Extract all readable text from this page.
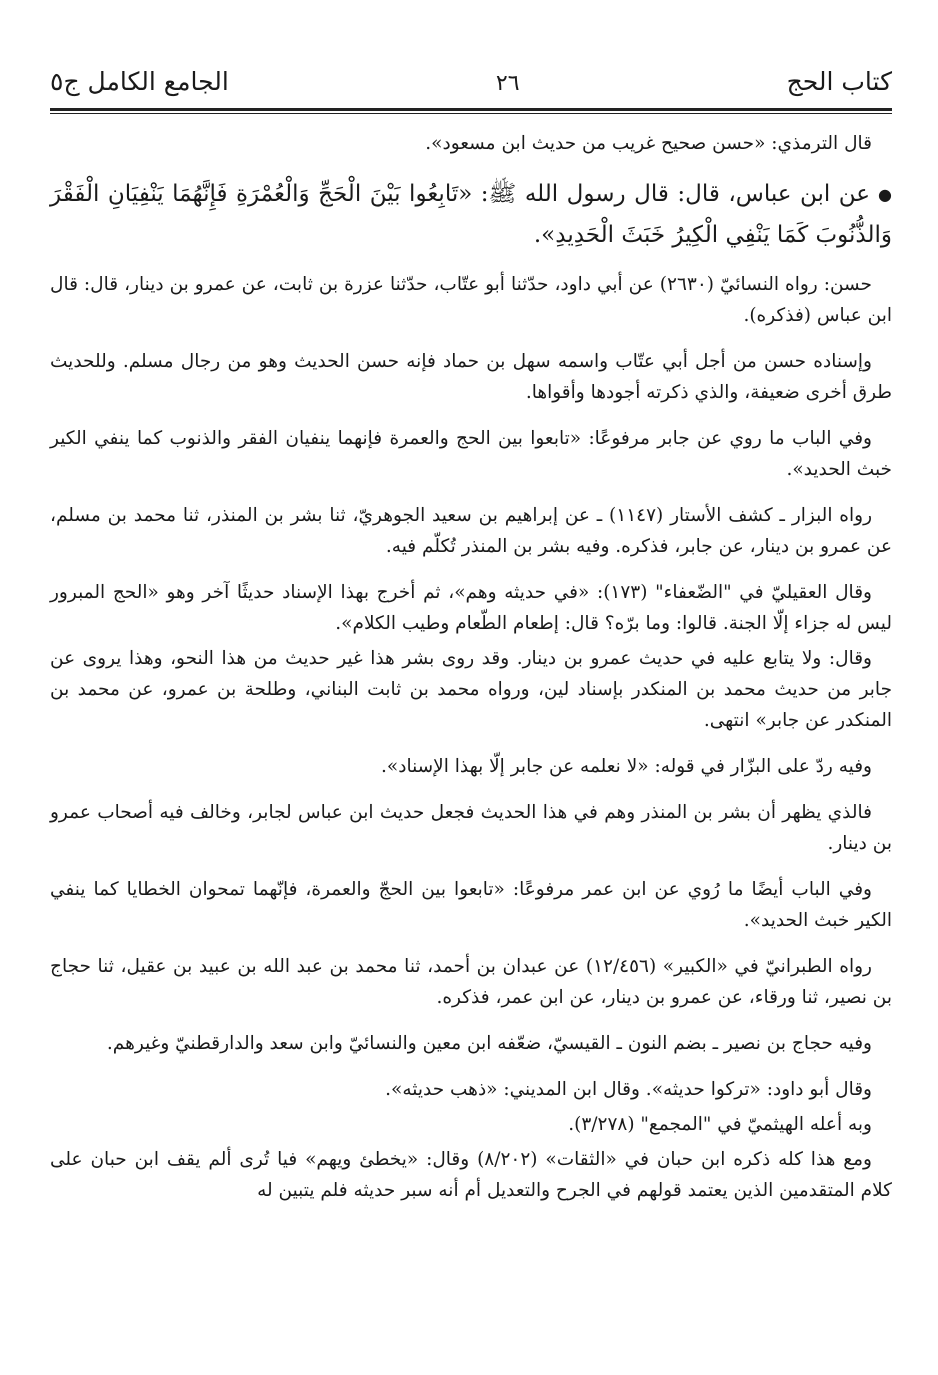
كتاب الحج
٢٦
الجامع الكامل ج٥

قال الترمذي: «حسن صحيح غريب من حديث ابن مسعود».

●عن ابن عباس، قال: قال رسول الله ﷺ: «تَابِعُوا بَيْنَ الْحَجِّ وَالْعُمْرَةِ فَإِنَّهُمَا يَنْفِيَانِ الْفَقْرَ وَالذُّنُوبَ كَمَا يَنْفِي الْكِيرُ خَبَثَ الْحَدِيدِ».

حسن: رواه النسائيّ (٢٦٣٠) عن أبي داود، حدّثنا أبو عتّاب، حدّثنا عزرة بن ثابت، عن عمرو بن دينار، قال: قال ابن عباس (فذكره).

وإسناده حسن من أجل أبي عتّاب واسمه سهل بن حماد فإنه حسن الحديث وهو من رجال مسلم. وللحديث طرق أخرى ضعيفة، والذي ذكرته أجودها وأقواها.

وفي الباب ما روي عن جابر مرفوعًا: «تابعوا بين الحج والعمرة فإنهما ينفيان الفقر والذنوب كما ينفي الكير خبث الحديد».

رواه البزار ـ كشف الأستار (١١٤٧) ـ عن إبراهيم بن سعيد الجوهريّ، ثنا بشر بن المنذر، ثنا محمد بن مسلم، عن عمرو بن دينار، عن جابر، فذكره. وفيه بشر بن المنذر تُكلّم فيه.

وقال العقيليّ في "الضّعفاء" (١٧٣): «في حديثه وهم»، ثم أخرج بهذا الإسناد حديثًا آخر وهو «الحج المبرور ليس له جزاء إلّا الجنة. قالوا: وما برّه؟ قال: إطعام الطّعام وطيب الكلام».

وقال: ولا يتابع عليه في حديث عمرو بن دينار. وقد روى بشر هذا غير حديث من هذا النحو، وهذا يروى عن جابر من حديث محمد بن المنكدر بإسناد لين، ورواه محمد بن ثابت البناني، وطلحة بن عمرو، عن محمد بن المنكدر عن جابر» انتهى.

وفيه ردّ على البزّار في قوله: «لا نعلمه عن جابر إلّا بهذا الإسناد».

فالذي يظهر أن بشر بن المنذر وهم في هذا الحديث فجعل حديث ابن عباس لجابر، وخالف فيه أصحاب عمرو بن دينار.

وفي الباب أيضًا ما رُوي عن ابن عمر مرفوعًا: «تابعوا بين الحجّ والعمرة، فإنّهما تمحوان الخطايا كما ينفي الكير خبث الحديد».

رواه الطبرانيّ في «الكبير» (١٢/٤٥٦) عن عبدان بن أحمد، ثنا محمد بن عبد الله بن عبيد بن عقيل، ثنا حجاج بن نصير، ثنا ورقاء، عن عمرو بن دينار، عن ابن عمر، فذكره.

وفيه حجاج بن نصير ـ بضم النون ـ القيسيّ، ضعّفه ابن معين والنسائيّ وابن سعد والدارقطنيّ وغيرهم.

وقال أبو داود: «تركوا حديثه». وقال ابن المديني: «ذهب حديثه».

وبه أعله الهيثميّ في "المجمع" (٣/٢٧٨).

ومع هذا كله ذكره ابن حبان في «الثقات» (٨/٢٠٢) وقال: «يخطئ ويهم» فيا تُرى ألم يقف ابن حبان على كلام المتقدمين الذين يعتمد قولهم في الجرح والتعديل أم أنه سبر حديثه فلم يتبين له
